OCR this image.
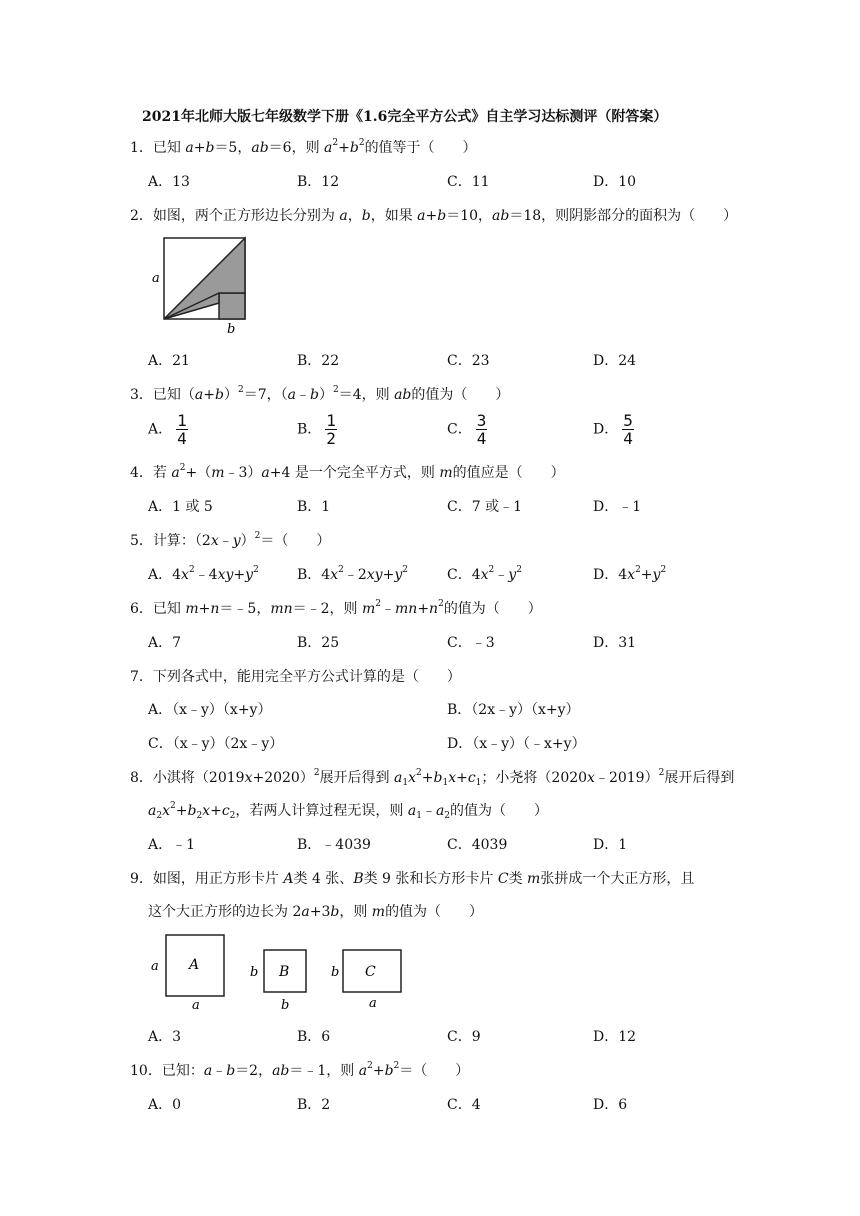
2021年北师大版七年级数学下册《1.6完全平方公式》自主学习达标测评（附答案）
1．已知 a+b＝5，ab＝6，则 $a^2+b^2$的值等于（　　）
A．13	B．12	C．11	D．10
2．如图，两个正方形边长分别为 a，b，如果 a+b＝10，ab＝18，则阴影部分的面积为（　　）
a
b
A．21	B．22	C．23	D．24
3．已知$(a+b)^2=7$，（a﹣b）$^2$＝4，则 ab的值为（　　）
A． $\frac{1}{4}$	B． $\frac{1}{2}$	C． $\frac{3}{4}$	D． $\frac{5}{4}$
4．若 $a^2+(m﹣3)a+4$ 是一个完全平方式，则 m的值应是（　　）
A．1 或 5	B．1	C．7 或﹣1	D．﹣1
5．计算：（2x﹣y）$^2$＝（　　）
A．$4x^2﹣4xy+y^2$	B．$4x^2﹣2xy+y^2$	C．$4x^2﹣y^2$	D．$4x^2+y^2$
6．已知 m+n＝﹣5，mn＝﹣2，则 $m^2﹣mn+n^2$的值为（　　）
A．7	B．25	C．﹣3	D．31
7．下列各式中，能用完全平方公式计算的是（　　）
A．（x﹣y）（x+y）	B．（2x﹣y）（x+y）
C．（x﹣y）（2x﹣y）	D．（x﹣y）（﹣x+y）
8．小淇将$(2019x+2020)^2$展开后得到 $a_1x^2+b_1x+c_1$；小尧将（2020x﹣2019）$^2$展开后得到
$a_2x^2+b_2x+c_2$，若两人计算过程无误，则 $a_1﹣a_2$的值为（　　）
A．﹣1	B．﹣4039	C．4039	D．1
9．如图，用正方形卡片 A类 4 张、B类 9 张和长方形卡片 C类 m张拼成一个大正方形，且
这个大正方形的边长为 2a+3b，则 m的值为（　　）
A
a
a
B
b
b
C
b
a
A．3	B．6	C．9	D．12
10．已知：a﹣b＝2，ab＝﹣1，则 $a^2+b^2=$（　　）
A．0	B．2	C．4	D．6
